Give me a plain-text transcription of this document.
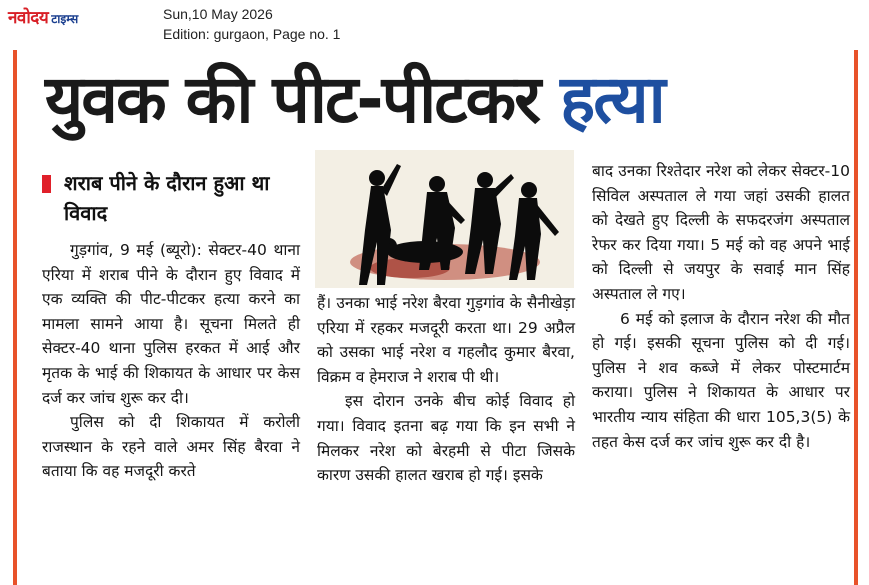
नवोदय टाइम्स	Sun,10 May 2026
Edition: gurgaon, Page no. 1
युवक की पीट-पीटकर हत्या
शराब पीने के दौरान हुआ था विवाद

गुड़गांव, 9 मई (ब्यूरो): सेक्टर-40 थाना एरिया में शराब पीने के दौरान हुए विवाद में एक व्यक्ति की पीट-पीटकर हत्या करने का मामला सामने आया है। सूचना मिलते ही सेक्टर-40 थाना पुलिस हरकत में आई और मृतक के भाई की शिकायत के आधार पर केस दर्ज कर जांच शुरू कर दी।

पुलिस को दी शिकायत में करोली राजस्थान के रहने वाले अमर सिंह बैरवा ने बताया कि वह मजदूरी करते

हैं। उनका भाई नरेश बैरवा गुड़गांव के सैनीखेड़ा एरिया में रहकर मजदूरी करता था। 29 अप्रैल को उसका भाई नरेश व गहलौद कुमार बैरवा, विक्रम व हेमराज ने शराब पी थी।

इस दोरान उनके बीच कोई विवाद हो गया। विवाद इतना बढ़ गया कि इन सभी ने मिलकर नरेश को बेरहमी से पीटा जिसके कारण उसकी हालत खराब हो गई। इसके

बाद उनका रिश्तेदार नरेश को लेकर सेक्टर-10 सिविल अस्पताल ले गया जहां उसकी हालत को देखते हुए दिल्ली के सफदरजंग अस्पताल रेफर कर दिया गया। 5 मई को वह अपने भाई को दिल्ली से जयपुर के सवाई मान सिंह अस्पताल ले गए।

6 मई को इलाज के दौरान नरेश की मौत हो गई। इसकी सूचना पुलिस को दी गई। पुलिस ने शव कब्जे में लेकर पोस्टमार्टम कराया। पुलिस ने शिकायत के आधार पर भारतीय न्याय संहिता की धारा 105,3(5) के तहत केस दर्ज कर जांच शुरू कर दी है।
